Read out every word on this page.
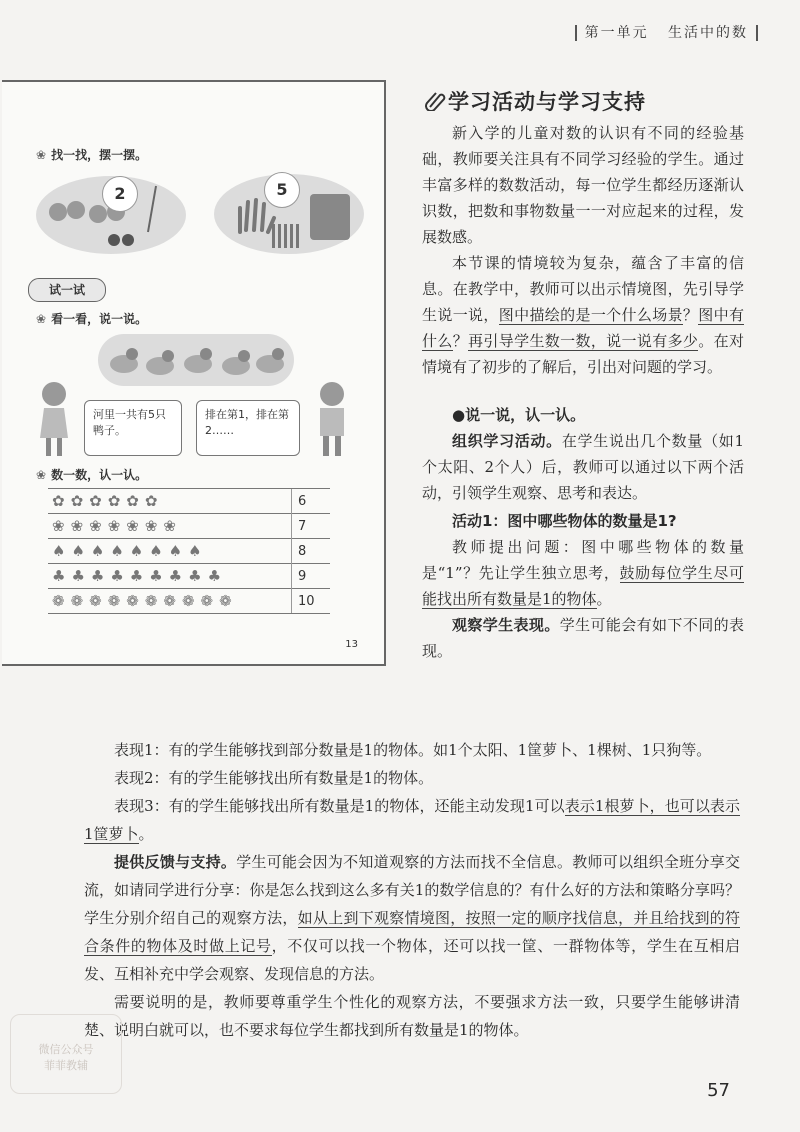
第一单元 生活中的数
❀ 找一找，摆一摆。
2	5
试一试
❀ 看一看，说一说。
河里一共有5只鸭子。
排在第1，排在第2……
❀ 数一数，认一认。
✿✿✿✿✿✿	6
❀❀❀❀❀❀❀	7
♠♠♠♠♠♠♠♠	8
♣♣♣♣♣♣♣♣♣	9
❁❁❁❁❁❁❁❁❁❁	10
13
学习活动与学习支持

新入学的儿童对数的认识有不同的经验基础，教师要关注具有不同学习经验的学生。通过丰富多样的数数活动，每一位学生都经历逐渐认识数，把数和事物数量一一对应起来的过程，发展数感。

本节课的情境较为复杂，蕴含了丰富的信息。在教学中，教师可以出示情境图，先引导学生说一说，图中描绘的是一个什么场景？图中有什么？再引导学生数一数，说一说有多少。在对情境有了初步的了解后，引出对问题的学习。

●说一说，认一认。

组织学习活动。在学生说出几个数量（如1个太阳、2个人）后，教师可以通过以下两个活动，引领学生观察、思考和表达。

活动1：图中哪些物体的数量是1?

教师提出问题：图中哪些物体的数量是“1”？先让学生独立思考，鼓励每位学生尽可能找出所有数量是1的物体。

观察学生表现。学生可能会有如下不同的表现。

表现1：有的学生能够找到部分数量是1的物体。如1个太阳、1筐萝卜、1棵树、1只狗等。

表现2：有的学生能够找出所有数量是1的物体。

表现3：有的学生能够找出所有数量是1的物体，还能主动发现1可以表示1根萝卜，也可以表示1筐萝卜。

提供反馈与支持。学生可能会因为不知道观察的方法而找不全信息。教师可以组织全班分享交流，如请同学进行分享：你是怎么找到这么多有关1的数学信息的？有什么好的方法和策略分享吗？学生分别介绍自己的观察方法，如从上到下观察情境图，按照一定的顺序找信息，并且给找到的符合条件的物体及时做上记号，不仅可以找一个物体，还可以找一筐、一群物体等，学生在互相启发、互相补充中学会观察、发现信息的方法。

需要说明的是，教师要尊重学生个性化的观察方法，不要强求方法一致，只要学生能够讲清楚、说明白就可以，也不要求每位学生都找到所有数量是1的物体。

微信公众号
菲菲教辅
57
